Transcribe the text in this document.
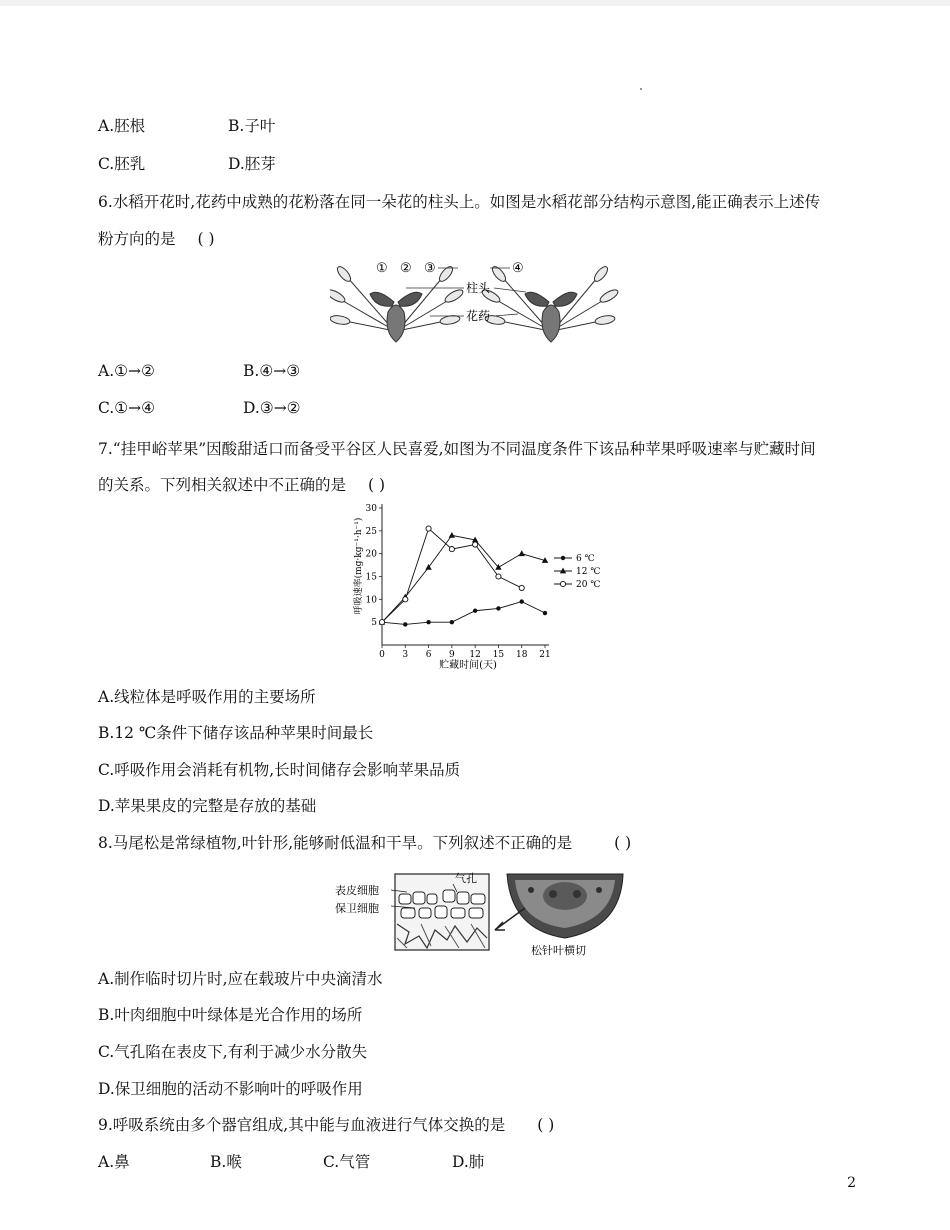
A.胚根	B.子叶
C.胚乳	D.胚芽
6.水稻开花时,花药中成熟的花粉落在同一朵花的柱头上。如图是水稻花部分结构示意图,能正确表示上述传
粉方向的是 ( )
① ② ③	④
柱头
花药
A.①→②	B.④→③
C.①→④	D.③→②
7.“挂甲峪苹果”因酸甜适口而备受平谷区人民喜爱,如图为不同温度条件下该品种苹果呼吸速率与贮藏时间
的关系。下列相关叙述中不正确的是 ( )
0 3 6 9 12 15 18 21
5
10
15
20
25
30
6 ℃
12 ℃
20 ℃
呼吸速率(mg·kg⁻¹·h⁻¹)
贮藏时间(天)
A.线粒体是呼吸作用的主要场所
B.12 ℃条件下储存该品种苹果时间最长
C.呼吸作用会消耗有机物,长时间储存会影响苹果品质
D.苹果果皮的完整是存放的基础
8.马尾松是常绿植物,叶针形,能够耐低温和干旱。下列叙述不正确的是	( )
表皮细胞
保卫细胞
气孔
松针叶横切
A.制作临时切片时,应在载玻片中央滴清水
B.叶肉细胞中叶绿体是光合作用的场所
C.气孔陷在表皮下,有利于减少水分散失
D.保卫细胞的活动不影响叶的呼吸作用
9.呼吸系统由多个器官组成,其中能与血液进行气体交换的是 ( )
A.鼻	B.喉	C.气管	D.肺
2
